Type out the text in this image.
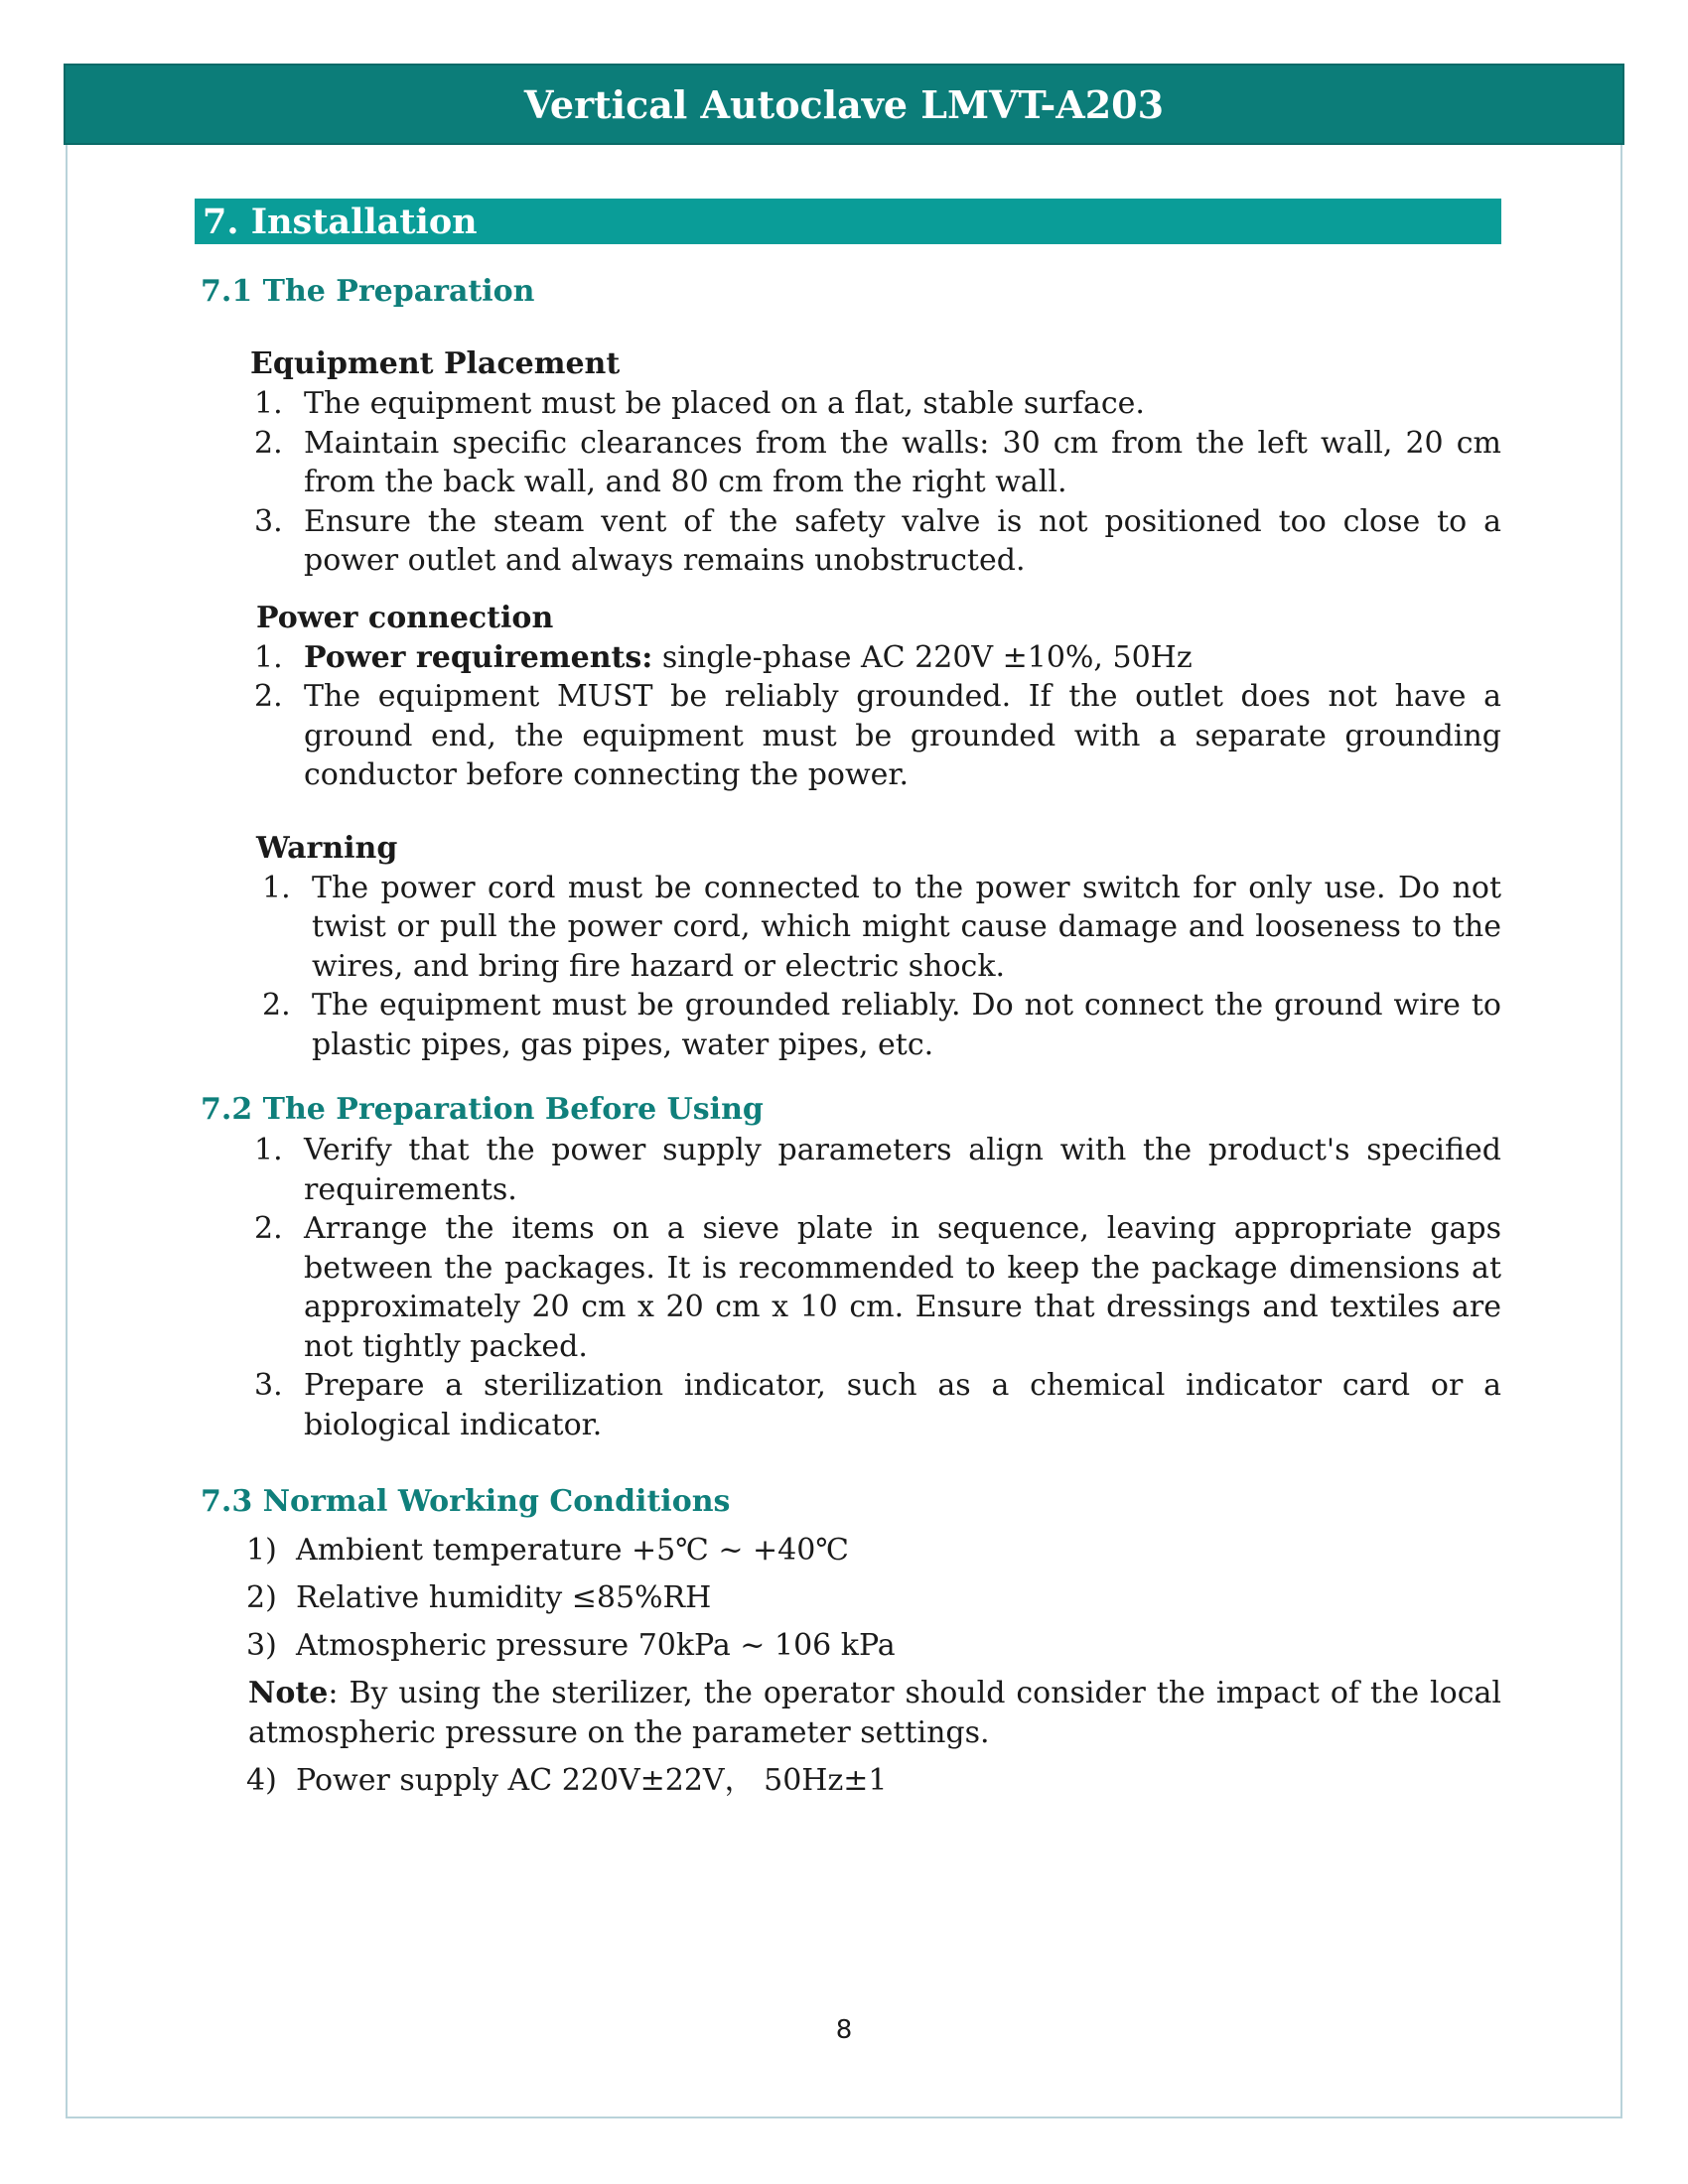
Vertical Autoclave LMVT-A203
7. Installation
7.1 The Preparation
Equipment Placement
1. The equipment must be placed on a flat, stable surface.
2. Maintain specific clearances from the walls: 30 cm from the left wall, 20 cm from the back wall, and 80 cm from the right wall.
3. Ensure the steam vent of the safety valve is not positioned too close to a power outlet and always remains unobstructed.
Power connection
1. Power requirements: single-phase AC 220V ±10%, 50Hz
2. The equipment MUST be reliably grounded. If the outlet does not have a ground end, the equipment must be grounded with a separate grounding conductor before connecting the power.
Warning
1. The power cord must be connected to the power switch for only use. Do not twist or pull the power cord, which might cause damage and looseness to the wires, and bring fire hazard or electric shock.
2. The equipment must be grounded reliably. Do not connect the ground wire to plastic pipes, gas pipes, water pipes, etc.
7.2 The Preparation Before Using
1. Verify that the power supply parameters align with the product's specified requirements.
2. Arrange the items on a sieve plate in sequence, leaving appropriate gaps between the packages. It is recommended to keep the package dimensions at approximately 20 cm x 20 cm x 10 cm. Ensure that dressings and textiles are not tightly packed.
3. Prepare a sterilization indicator, such as a chemical indicator card or a biological indicator.
7.3 Normal Working Conditions
1) Ambient temperature +5℃ ~ +40℃
2) Relative humidity ≤85%RH
3) Atmospheric pressure 70kPa ~ 106 kPa
Note: By using the sterilizer, the operator should consider the impact of the local atmospheric pressure on the parameter settings.
4) Power supply AC 220V±22V， 50Hz±1
8
